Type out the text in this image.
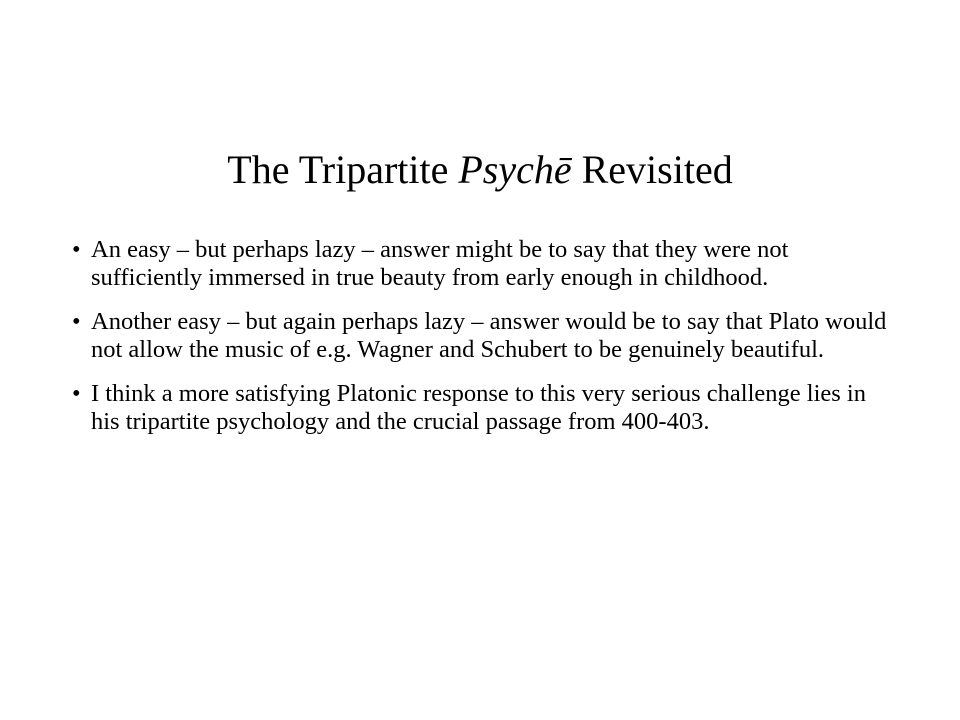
The Tripartite Psychē Revisited
• An easy – but perhaps lazy – answer might be to say that they were not sufficiently immersed in true beauty from early enough in childhood.
• Another easy – but again perhaps lazy – answer would be to say that Plato would not allow the music of e.g. Wagner and Schubert to be genuinely beautiful.
• I think a more satisfying Platonic response to this very serious challenge lies in his tripartite psychology and the crucial passage from 400-403.
